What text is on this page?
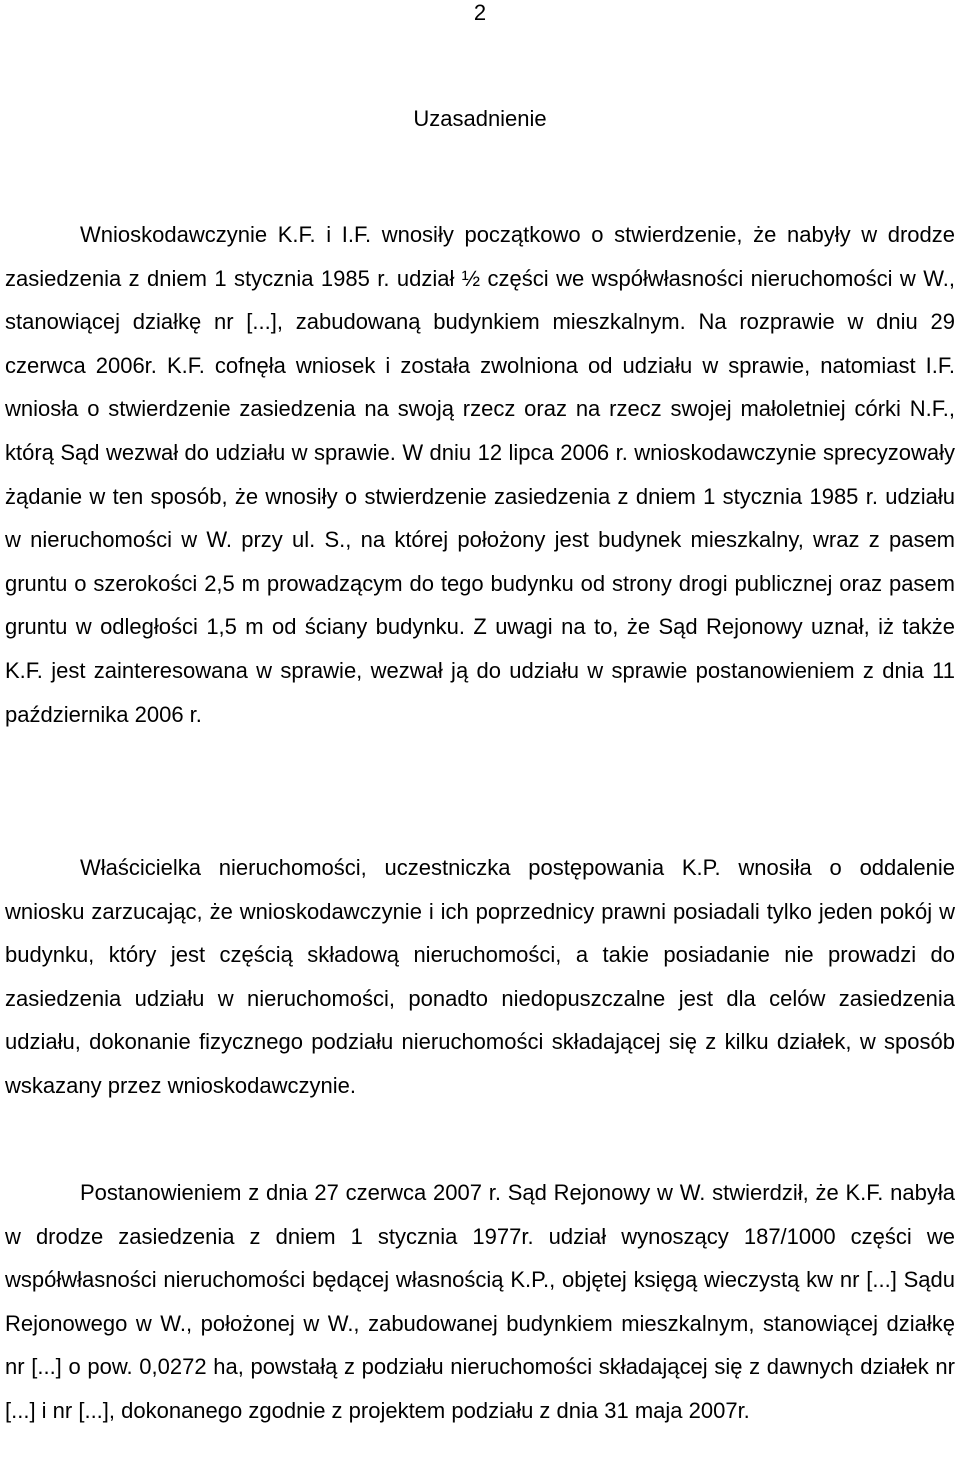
2
Uzasadnienie

Wnioskodawczynie K.F. i I.F. wnosiły początkowo o stwierdzenie, że nabyły w drodze zasiedzenia z dniem 1 stycznia 1985 r. udział ½ części we współwłasności nieruchomości w W., stanowiącej działkę nr [...], zabudowaną budynkiem mieszkalnym. Na rozprawie w dniu 29 czerwca 2006r. K.F. cofnęła wniosek i została zwolniona od udziału w sprawie, natomiast I.F. wniosła o stwierdzenie zasiedzenia na swoją rzecz oraz na rzecz swojej małoletniej córki N.F., którą Sąd wezwał do udziału w sprawie. W dniu 12 lipca 2006 r. wnioskodawczynie sprecyzowały żądanie w ten sposób, że wnosiły o stwierdzenie zasiedzenia z dniem 1 stycznia 1985 r. udziału w nieruchomości w W. przy ul. S., na której położony jest budynek mieszkalny, wraz z pasem gruntu o szerokości 2,5 m prowadzącym do tego budynku od strony drogi publicznej oraz pasem gruntu w odległości 1,5 m od ściany budynku. Z uwagi na to, że Sąd Rejonowy uznał, iż także K.F. jest zainteresowana w sprawie, wezwał ją do udziału w sprawie postanowieniem z dnia 11 października 2006 r.

Właścicielka nieruchomości, uczestniczka postępowania K.P. wnosiła o oddalenie wniosku zarzucając, że wnioskodawczynie i ich poprzednicy prawni posiadali tylko jeden pokój w budynku, który jest częścią składową nieruchomości, a takie posiadanie nie prowadzi do zasiedzenia udziału w nieruchomości, ponadto niedopuszczalne jest dla celów zasiedzenia udziału, dokonanie fizycznego podziału nieruchomości składającej się z kilku działek, w sposób wskazany przez wnioskodawczynie.

Postanowieniem z dnia 27 czerwca 2007 r. Sąd Rejonowy w W. stwierdził, że K.F. nabyła w drodze zasiedzenia z dniem 1 stycznia 1977r. udział wynoszący 187/1000 części we współwłasności nieruchomości będącej własnością K.P., objętej księgą wieczystą kw nr [...] Sądu Rejonowego w W., położonej w W., zabudowanej budynkiem mieszkalnym, stanowiącej działkę nr [...] o pow. 0,0272 ha, powstałą z podziału nieruchomości składającej się z dawnych działek nr [...] i nr [...], dokonanego zgodnie z projektem podziału z dnia 31 maja 2007r.
